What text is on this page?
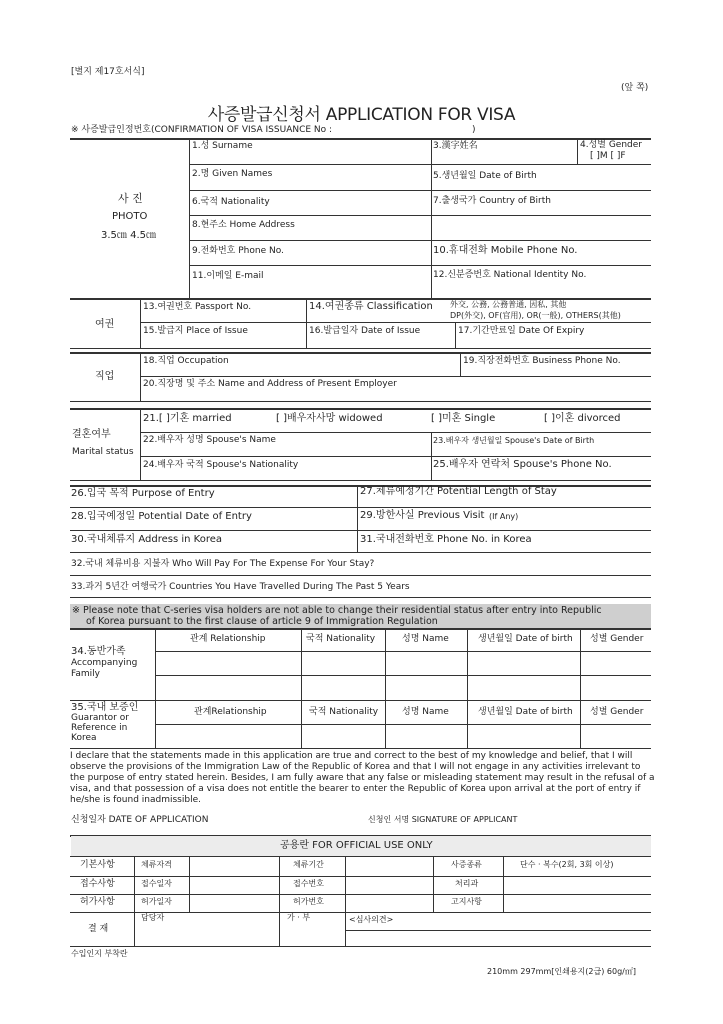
[별지 제17호서식]
(앞 쪽)
사증발급신청서 APPLICATION FOR VISA
※ 사증발급인정번호(CONFIRMATION OF VISA ISSUANCE No :	)
사 진
PHOTO
3.5㎝ 4.5㎝
1.성 Surname	3.漢字姓名	4.성별 Gender
[ ]M [ ]F
2.명 Given Names	5.생년월일 Date of Birth
6.국적 Nationality	7.출생국가 Country of Birth
8.현주소 Home Address
9.전화번호 Phone No.	10.휴대전화 Mobile Phone No.
11.이메일 E-mail	12.신분증번호 National Identity No.
여권
13.여권번호 Passport No.	14.여권종류 Classification 外交, 公務, 公務普通, 因私, 其他
DP(外交), OF(官用), OR(一般), OTHERS(其他)
15.발급지 Place of Issue	16.발급일자 Date of Issue	17.기간만료일 Date Of Expiry
직업
18.직업 Occupation	19.직장전화번호 Business Phone No.
20.직장명 및 주소 Name and Address of Present Employer
결혼여부
Marital status
21.[ ]기혼 married	[ ]배우자사망 widowed	[ ]미혼 Single	[ ]이혼 divorced
22.배우자 성명 Spouse's Name	23.배우자 생년월일 Spouse's Date of Birth
24.배우자 국적 Spouse's Nationality	25.배우자 연락처 Spouse's Phone No.
26.입국 목적 Purpose of Entry	27.체류예정기간 Potential Length of Stay
28.입국예정일 Potential Date of Entry	29.방한사실 Previous Visit (If Any)
30.국내체류지 Address in Korea	31.국내전화번호 Phone No. in Korea
32.국내 체류비용 지불자 Who Will Pay For The Expense For Your Stay?
33.과거 5년간 여행국가 Countries You Have Travelled During The Past 5 Years
※ Please note that C-series visa holders are not able to change their residential status after entry into Republic
of Korea pursuant to the first clause of article 9 of Immigration Regulation
34.동반가족
Accompanying
Family
관계 Relationship	국적 Nationality	성명 Name	생년월일 Date of birth 성별 Gender
35.국내 보증인
Guarantor or
Reference in
Korea
관계Relationship	국적 Nationality	성명 Name	생년월일 Date of birth 성별 Gender
I declare that the statements made in this application are true and correct to the best of my knowledge and belief, that I will observe the provisions of the Immigration Law of the Republic of Korea and that I will not engage in any activities irrelevant to the purpose of entry stated herein. Besides, I am fully aware that any false or misleading statement may result in the refusal of a visa, and that possession of a visa does not entitle the bearer to enter the Republic of Korea upon arrival at the port of entry if he/she is found inadmissible.
신청일자 DATE OF APPLICATION	신청인 서명 SIGNATURE OF APPLICANT
공용란 FOR OFFICIAL USE ONLY
기본사항	체류자격	체류기간	사증종류	단수 · 복수(2회, 3회 이상)
접수사항	접수일자	접수번호	처리과
허가사항	허가일자	허가번호	고지사항
결 재
담당자	가 · 부	<심사의견>
수입인지 부착란
210mm 297mm[인쇄용지(2급) 60g/㎡]
